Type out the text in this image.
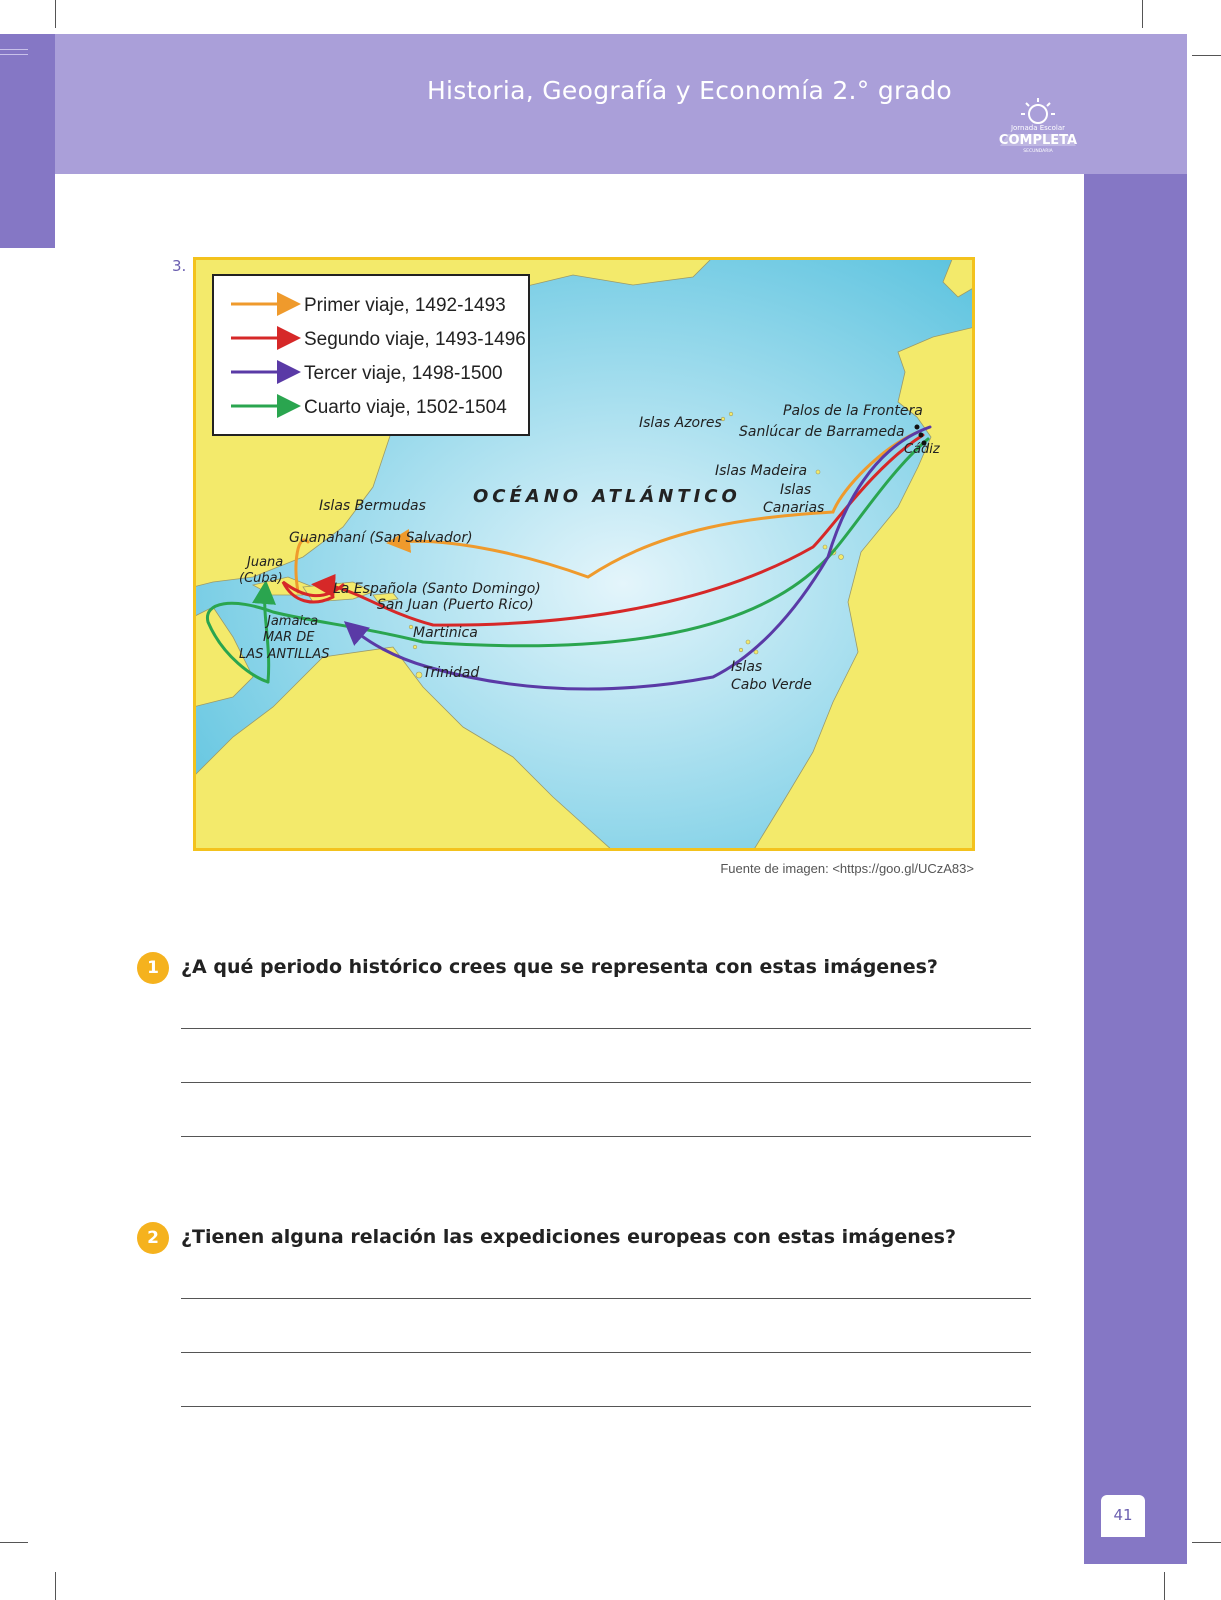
Historia, Geografía y Economía 2.° grado
Jornada Escolar
COMPLETA
SECUNDARIA
41
3.
Primer viaje, 1492-1493
Segundo viaje, 1493-1496
Tercer viaje, 1498-1500
Cuarto viaje, 1502-1504
OCÉANO ATLÁNTICO
Islas Azores
Palos de la Frontera
Sanlúcar de Barrameda
Cádiz
Islas Madeira
Islas
Canarias
Islas Bermudas
Guanahaní (San Salvador)
Juana
(Cuba)
La Española (Santo Domingo)
San Juan (Puerto Rico)
Jamaica
MAR DE
LAS ANTILLAS
Martinica
Trinidad	Islas
Cabo Verde
Fuente de imagen: <https://goo.gl/UCzA83>
1	¿A qué periodo histórico crees que se representa con estas imágenes?
2	¿Tienen alguna relación las expediciones europeas con estas imágenes?
